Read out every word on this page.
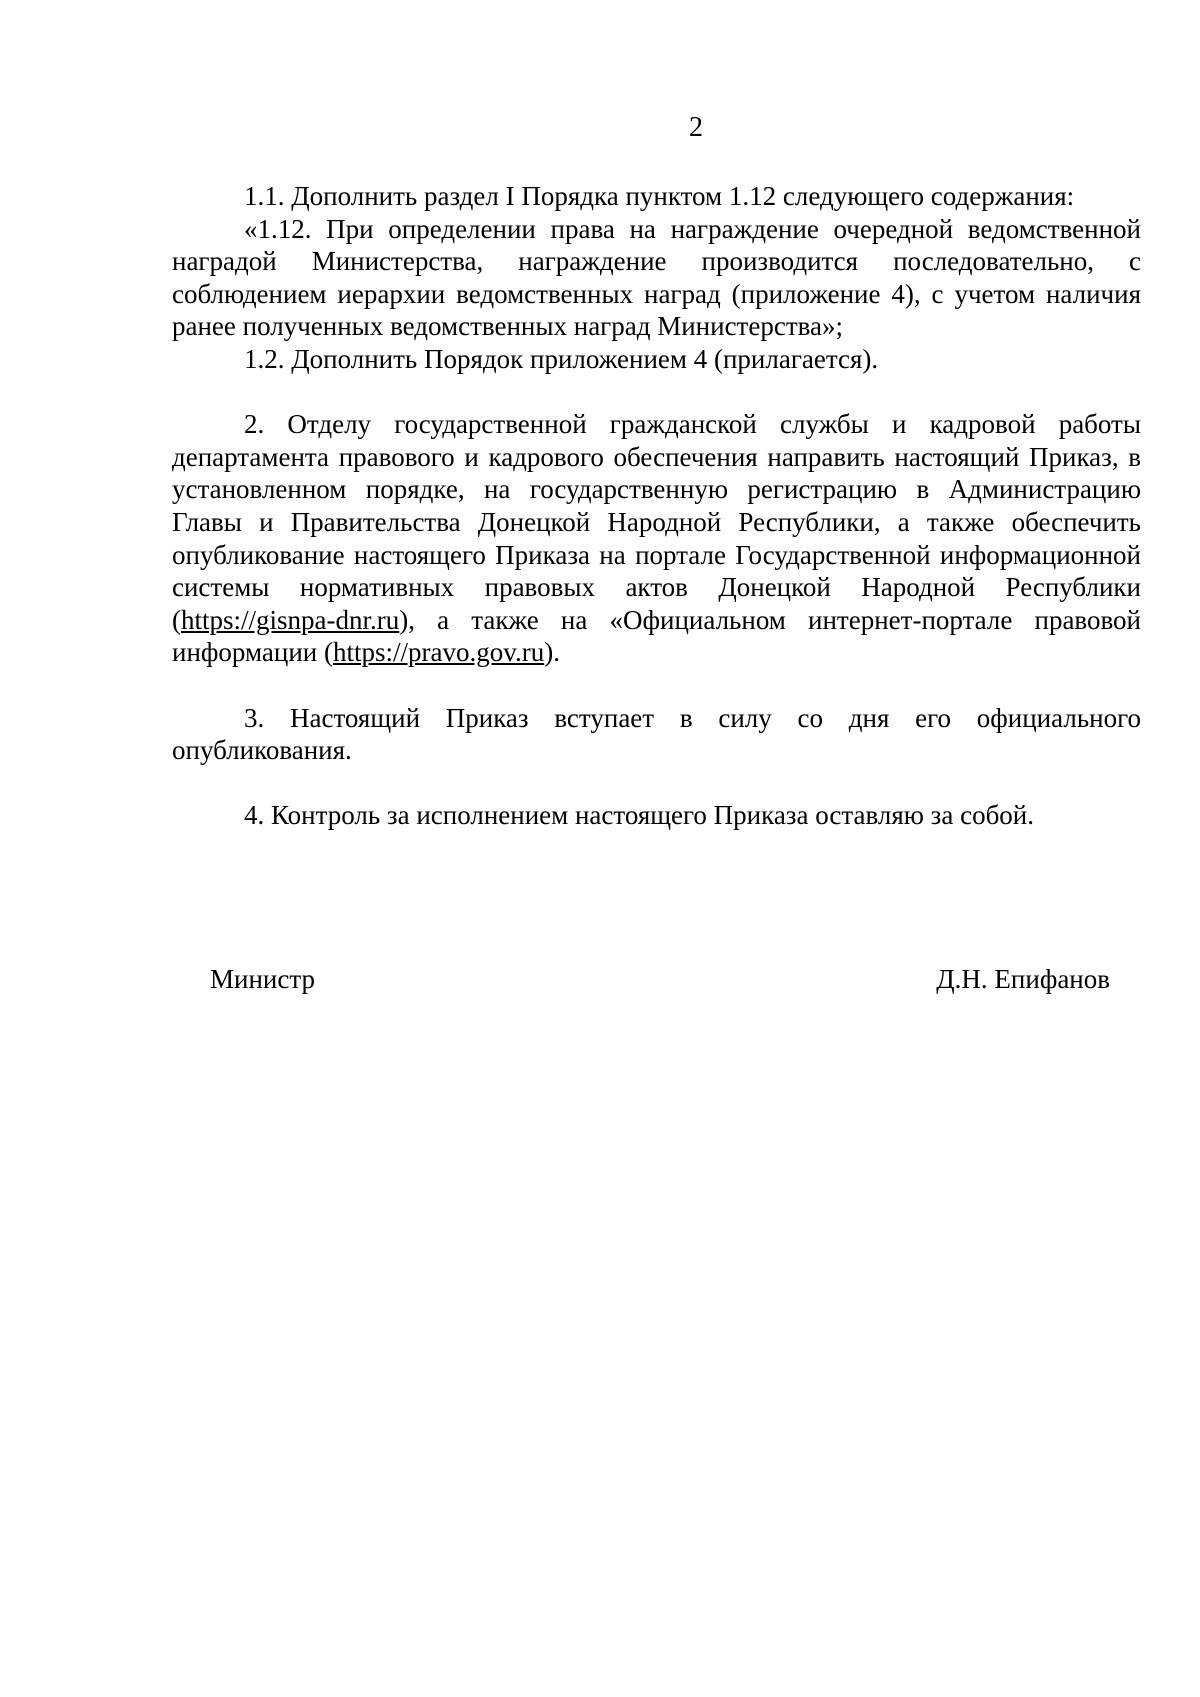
2

1.1. Дополнить раздел I Порядка пунктом 1.12 следующего содержания:

«1.12. При определении права на награждение очередной ведомственной наградой Министерства, награждение производится последовательно, с соблюдением иерархии ведомственных наград (приложение 4), с учетом наличия ранее полученных ведомственных наград Министерства»;

1.2. Дополнить Порядок приложением 4 (прилагается).

2. Отделу государственной гражданской службы и кадровой работы департамента правового и кадрового обеспечения направить настоящий Приказ, в установленном порядке, на государственную регистрацию в Администрацию Главы и Правительства Донецкой Народной Республики, а также обеспечить опубликование настоящего Приказа на портале Государственной информационной системы нормативных правовых актов Донецкой Народной Республики (https://gisnpa-dnr.ru), а также на «Официальном интернет-портале правовой информации (https://pravo.gov.ru).

3. Настоящий Приказ вступает в силу со дня его официального опубликования.

4. Контроль за исполнением настоящего Приказа оставляю за собой.

Министр	Д.Н. Епифанов
